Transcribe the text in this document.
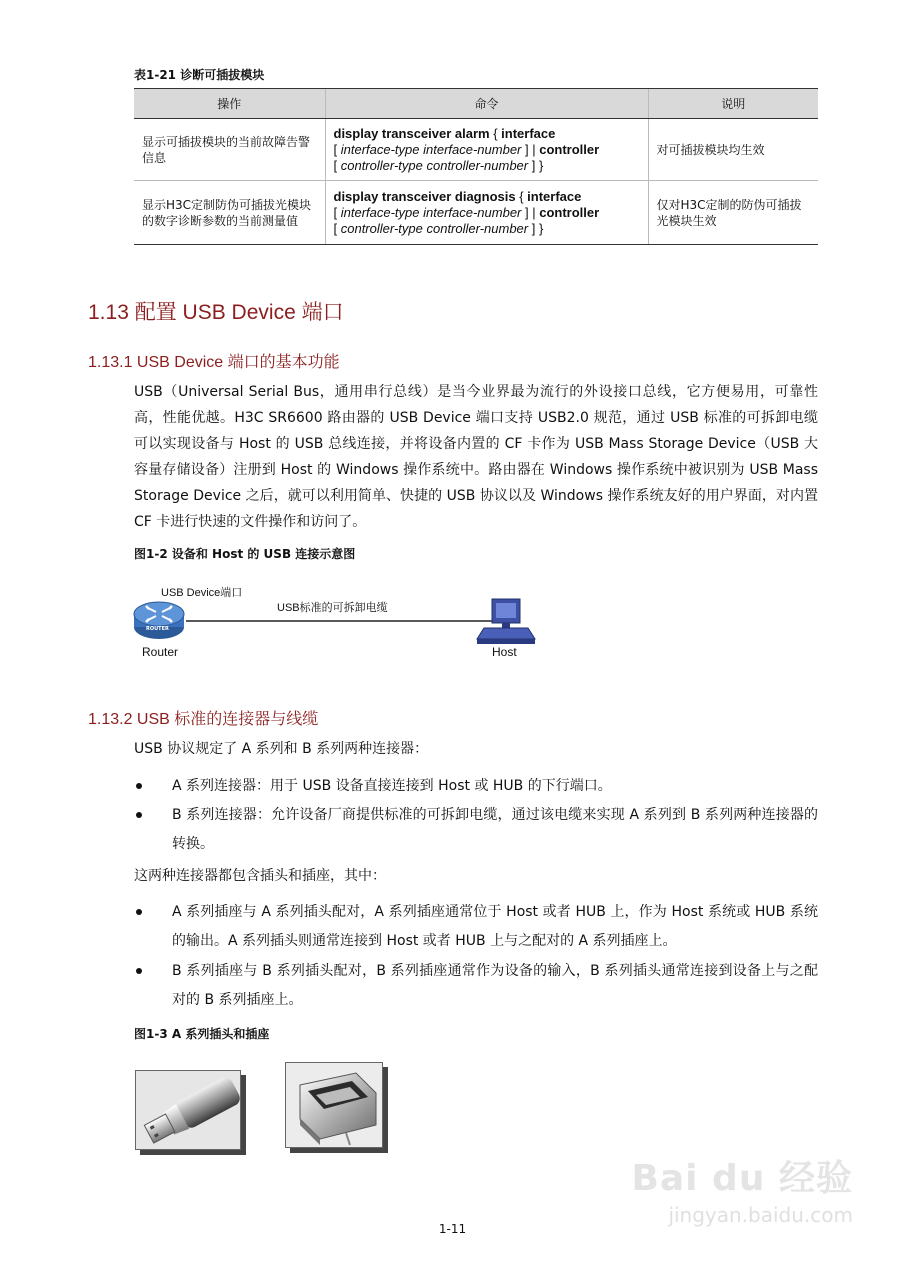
表1-21 诊断可插拔模块
操作	命令	说明
显示可插拔模块的当前故障告警信息	display transceiver alarm { interface
[ interface-type interface-number ] | controller
[ controller-type controller-number ] }	对可插拔模块均生效
显示H3C定制防伪可插拔光模块的数字诊断参数的当前测量值	display transceiver diagnosis { interface
[ interface-type interface-number ] | controller
[ controller-type controller-number ] }	仅对H3C定制的防伪可插拔光模块生效
1.13 配置 USB Device 端口
1.13.1 USB Device 端口的基本功能
USB（Universal Serial Bus，通用串行总线）是当今业界最为流行的外设接口总线，它方便易用，可靠性高，性能优越。H3C SR6600 路由器的 USB Device 端口支持 USB2.0 规范，通过 USB 标准的可拆卸电缆可以实现设备与 Host 的 USB 总线连接，并将设备内置的 CF 卡作为 USB Mass Storage Device（USB 大容量存储设备）注册到 Host 的 Windows 操作系统中。路由器在 Windows 操作系统中被识别为 USB Mass Storage Device 之后，就可以利用简单、快捷的 USB 协议以及 Windows 操作系统友好的用户界面，对内置 CF 卡进行快速的文件操作和访问了。
图1-2 设备和 Host 的 USB 连接示意图
USB Device端口
USB标准的可拆卸电缆
ROUTER
Router	Host
1.13.2 USB 标准的连接器与线缆
USB 协议规定了 A 系列和 B 系列两种连接器：
A 系列连接器：用于 USB 设备直接连接到 Host 或 HUB 的下行端口。
B 系列连接器：允许设备厂商提供标准的可拆卸电缆，通过该电缆来实现 A 系列到 B 系列两种连接器的转换。
这两种连接器都包含插头和插座，其中：
A 系列插座与 A 系列插头配对，A 系列插座通常位于 Host 或者 HUB 上，作为 Host 系统或 HUB 系统的输出。A 系列插头则通常连接到 Host 或者 HUB 上与之配对的 A 系列插座上。
B 系列插座与 B 系列插头配对，B 系列插座通常作为设备的输入，B 系列插头通常连接到设备上与之配对的 B 系列插座上。
图1-3 A 系列插头和插座
Bai du 经验
jingyan.baidu.com
1-11
